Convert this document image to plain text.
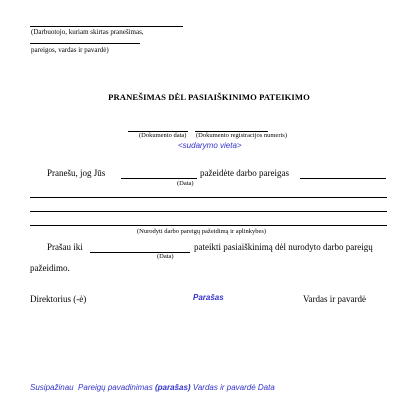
(Darbuotojo, kuriam skirtas pranešimas,
pareigos, vardas ir pavardė)
PRANEŠIMAS DĖL PASIAIŠKINIMO PATEIKIMO
(Dokumento data) (Dokumento registracijos numeris)
<sudarymo vieta>
Pranešu, jog Jūs	pažeidėte darbo pareigas
(Data)
(Nurodyti darbo pareigų pažeidimą ir aplinkybes)
Prašau iki	pateikti pasiaiškinimą dėl nurodyto darbo pareigų
(Data)
pažeidimo.
Direktorius (-ė)	Parašas	Vardas ir pavardė
Susipažinau Pareigų pavadinimas (parašas) Vardas ir pavardė Data
